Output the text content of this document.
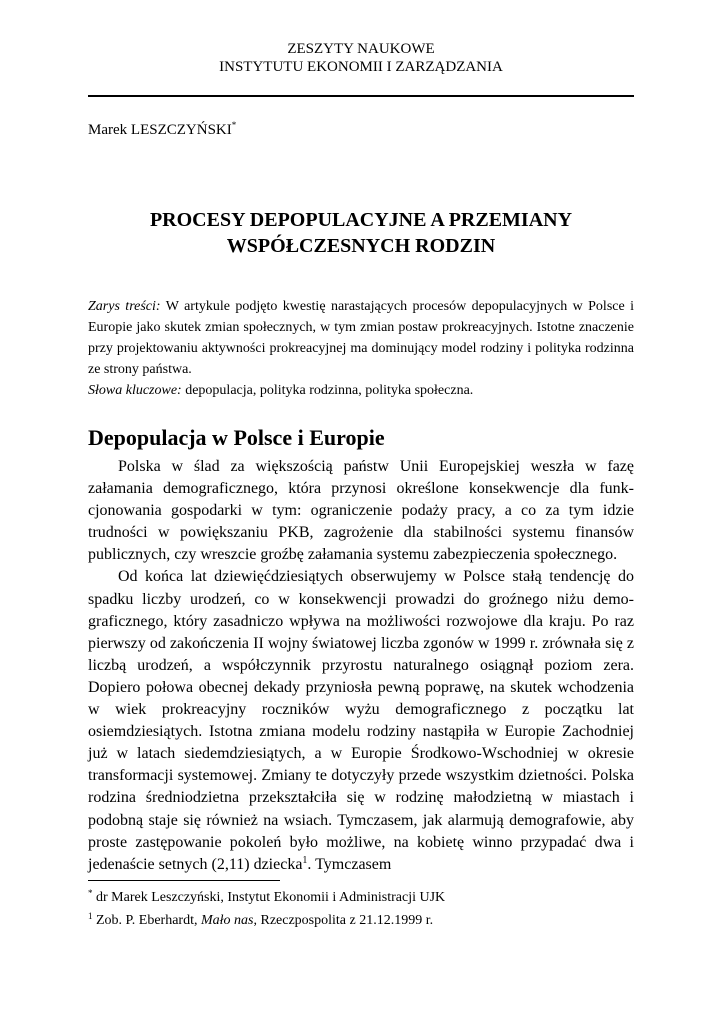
ZESZYTY NAUKOWE
INSTYTUTU EKONOMII I ZARZĄDZANIA
Marek LESZCZYŃSKI*
PROCESY DEPOPULACYJNE A PRZEMIANY
WSPÓŁCZESNYCH RODZIN

Zarys treści: W artykule podjęto kwestię narastających procesów depopulacyjnych w Polsce i Europie jako skutek zmian społecznych, w tym zmian postaw prokreacyjnych. Istotne znaczenie przy projektowaniu aktywności prokreacyjnej ma dominujący model rodziny i polityka rodzinna ze strony państwa.

Słowa kluczowe: depopulacja, polityka rodzinna, polityka społeczna.

Depopulacja w Polsce i Europie

Polska w ślad za większością państw Unii Europejskiej weszła w fazę załamania demograficznego, która przynosi określone konsekwencje dla funkcjonowania gospodarki w tym: ograniczenie podaży pracy, a co za tym idzie trudności w powiększaniu PKB, zagrożenie dla stabilności systemu finansów publicznych, czy wreszcie groźbę załamania systemu zabezpieczenia społecznego.

Od końca lat dziewięćdziesiątych obserwujemy w Polsce stałą tendencję do spadku liczby urodzeń, co w konsekwencji prowadzi do groźnego niżu demograficznego, który zasadniczo wpływa na możliwości rozwojowe dla kraju. Po raz pierwszy od zakończenia II wojny światowej liczba zgonów w 1999 r. zrównała się z liczbą urodzeń, a współczynnik przyrostu naturalnego osiągnął poziom zera. Dopiero połowa obecnej dekady przyniosła pewną poprawę, na skutek wchodzenia w wiek prokreacyjny roczników wyżu demograficznego z początku lat osiemdziesiątych. Istotna zmiana modelu rodziny nastąpiła w Europie Zachodniej już w latach siedemdziesiątych, a w Europie Środkowo-Wschodniej w okresie transformacji systemowej. Zmiany te dotyczyły przede wszystkim dzietności. Polska rodzina średniodzietna przekształciła się w rodzinę małodzietną w miastach i podobną staje się również na wsiach. Tymczasem, jak alarmują demografowie, aby proste zastępowanie pokoleń było możliwe, na kobietę winno przypadać dwa i jedenaście setnych (2,11) dziecka$^1$. Tymczasem

* dr Marek Leszczyński, Instytut Ekonomii i Administracji UJK
$^1$ Zob. P. Eberhardt, Mało nas, Rzeczpospolita z 21.12.1999 r.
